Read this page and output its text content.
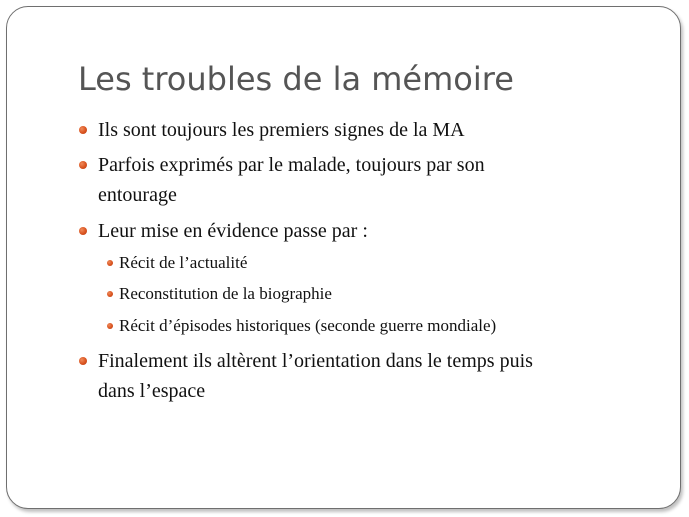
Les troubles de la mémoire
Ils sont toujours les premiers signes de la MA
Parfois exprimés par le malade, toujours par son
entourage
Leur mise en évidence passe par :
Récit de l’actualité
Reconstitution de la biographie
Récit d’épisodes historiques (seconde guerre mondiale)
Finalement ils altèrent l’orientation dans le temps puis
dans l’espace
